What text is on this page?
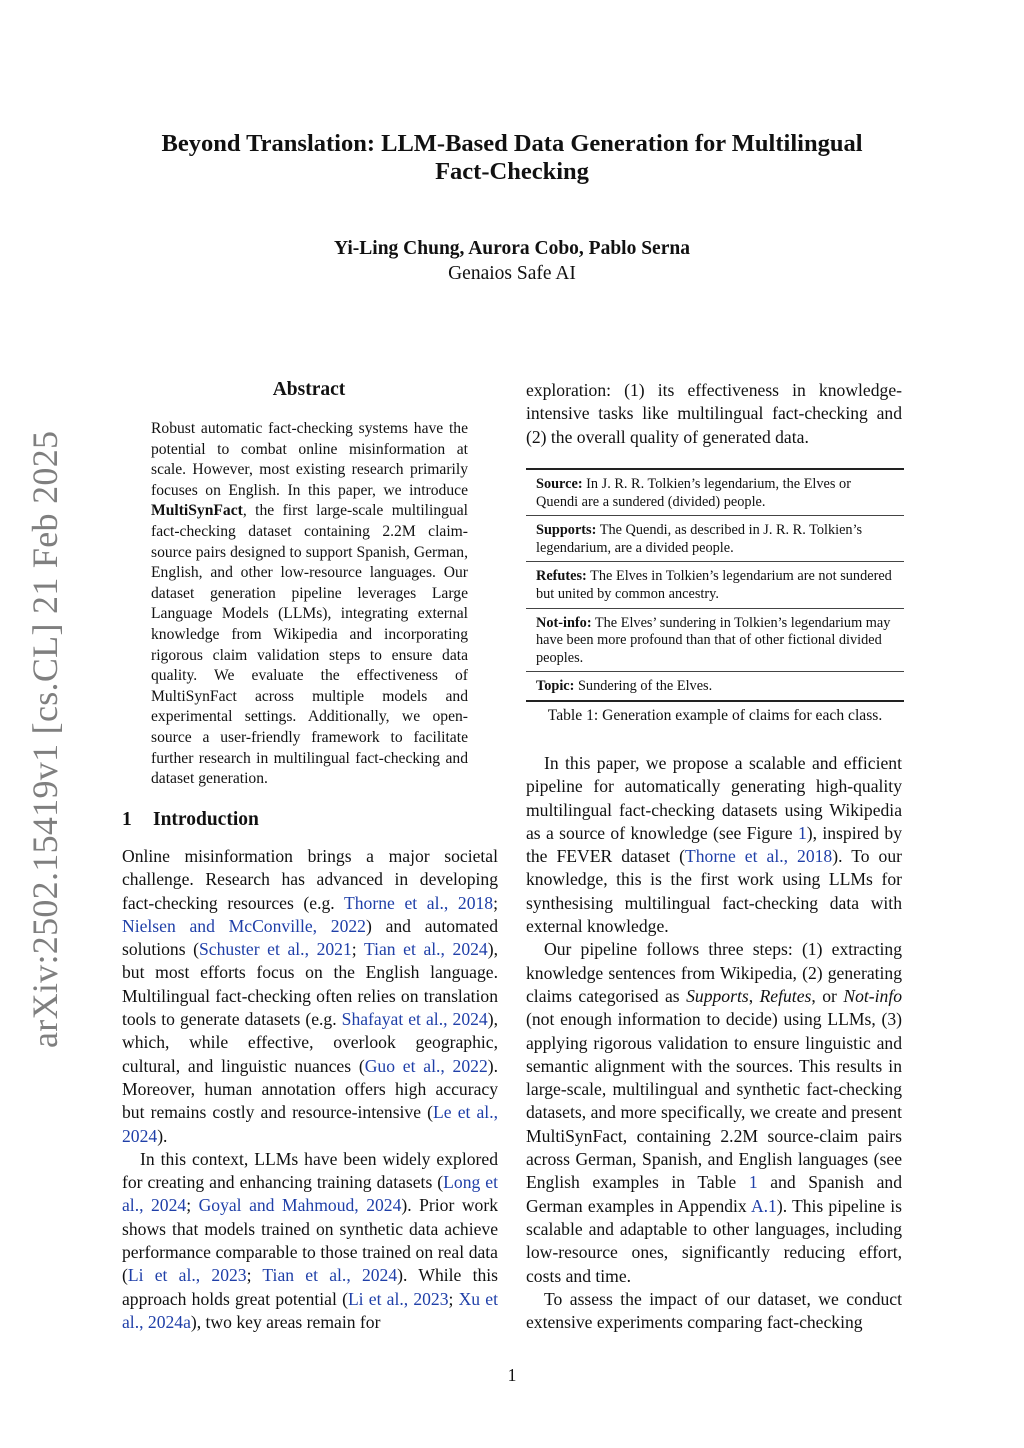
Beyond Translation: LLM-Based Data Generation for Multilingual
Fact-Checking
Yi-Ling Chung, Aurora Cobo, Pablo Serna
Genaios Safe AI
arXiv:2502.15419v1 [cs.CL] 21 Feb 2025
Abstract
Robust automatic fact-checking systems have the potential to combat online misinformation at scale. However, most existing research primarily focuses on English. In this paper, we introduce MultiSynFact, the first large-scale multilingual fact-checking dataset containing 2.2M claim-source pairs designed to support Spanish, German, English, and other low-resource languages. Our dataset generation pipeline leverages Large Language Models (LLMs), integrating external knowledge from Wikipedia and incorporating rigorous claim validation steps to ensure data quality. We evaluate the effectiveness of MultiSynFact across multiple models and experimental settings. Additionally, we open-source a user-friendly framework to facilitate further research in multilingual fact-checking and dataset generation.
1 Introduction

Online misinformation brings a major societal challenge. Research has advanced in developing fact-checking resources (e.g. Thorne et al., 2018; Nielsen and McConville, 2022) and automated solutions (Schuster et al., 2021; Tian et al., 2024), but most efforts focus on the English language. Multilingual fact-checking often relies on translation tools to generate datasets (e.g. Shafayat et al., 2024), which, while effective, overlook geographic, cultural, and linguistic nuances (Guo et al., 2022). Moreover, human annotation offers high accuracy but remains costly and resource-intensive (Le et al., 2024).

In this context, LLMs have been widely explored for creating and enhancing training datasets (Long et al., 2024; Goyal and Mahmoud, 2024). Prior work shows that models trained on synthetic data achieve performance comparable to those trained on real data (Li et al., 2023; Tian et al., 2024). While this approach holds great potential (Li et al., 2023; Xu et al., 2024a), two key areas remain for

exploration: (1) its effectiveness in knowledge-intensive tasks like multilingual fact-checking and (2) the overall quality of generated data.

Source: In J. R. R. Tolkien’s legendarium, the Elves or Quendi are a sundered (divided) people.
Supports: The Quendi, as described in J. R. R. Tolkien’s legendarium, are a divided people.
Refutes: The Elves in Tolkien’s legendarium are not sundered but united by common ancestry.
Not-info: The Elves’ sundering in Tolkien’s legendarium may have been more profound than that of other fictional divided peoples.
Topic: Sundering of the Elves.
Table 1: Generation example of claims for each class.

In this paper, we propose a scalable and efficient pipeline for automatically generating high-quality multilingual fact-checking datasets using Wikipedia as a source of knowledge (see Figure 1), inspired by the FEVER dataset (Thorne et al., 2018). To our knowledge, this is the first work using LLMs for synthesising multilingual fact-checking data with external knowledge.

Our pipeline follows three steps: (1) extracting knowledge sentences from Wikipedia, (2) generating claims categorised as Supports, Refutes, or Not-info (not enough information to decide) using LLMs, (3) applying rigorous validation to ensure linguistic and semantic alignment with the sources. This results in large-scale, multilingual and synthetic fact-checking datasets, and more specifically, we create and present MultiSynFact, containing 2.2M source-claim pairs across German, Spanish, and English languages (see English examples in Table 1 and Spanish and German examples in Appendix A.1). This pipeline is scalable and adaptable to other languages, including low-resource ones, significantly reducing effort, costs and time.

To assess the impact of our dataset, we conduct extensive experiments comparing fact-checking

1
